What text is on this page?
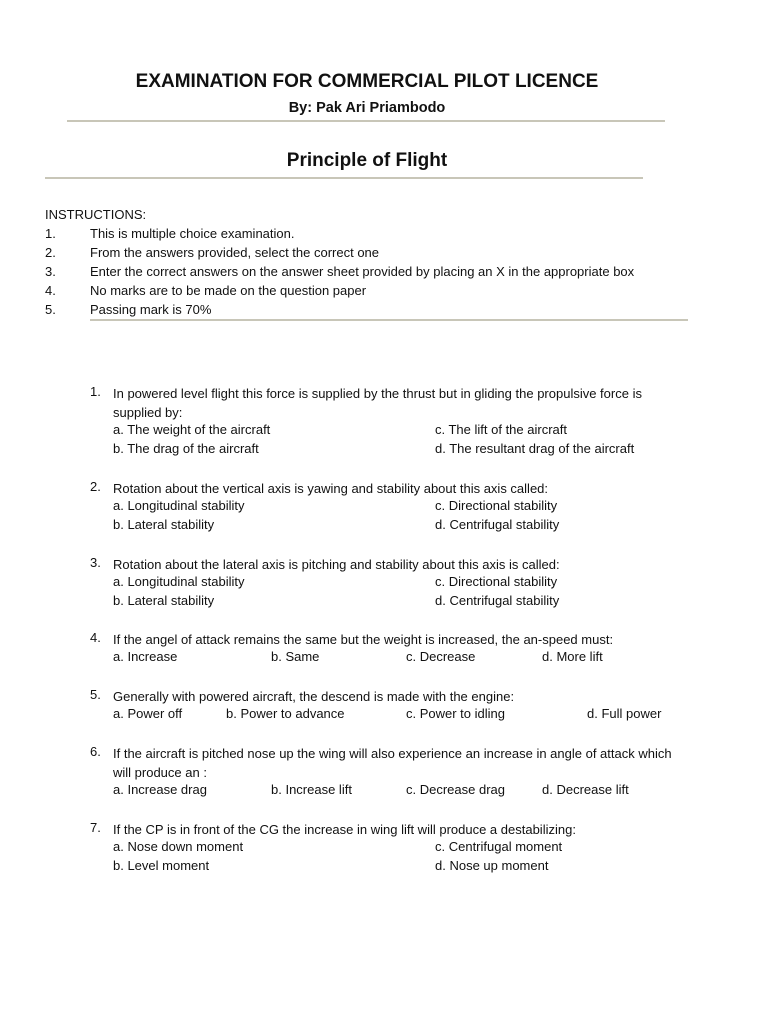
EXAMINATION FOR COMMERCIAL PILOT LICENCE
By: Pak Ari Priambodo
Principle of Flight
INSTRUCTIONS:
1.	This is multiple choice examination.
2.	From the answers provided, select the correct one
3.	Enter the correct answers on the answer sheet provided by placing an X in the appropriate box
4.	No marks are to be made on the question paper
5.	Passing mark is 70%
1. In powered level flight this force is supplied by the thrust but in gliding the propulsive force is supplied by:
a. The weight of the aircraft
b. The drag of the aircraft
c. The lift of the aircraft
d. The resultant drag of the aircraft
2. Rotation about the vertical axis is yawing and stability about this axis called:
a. Longitudinal stability
b. Lateral stability
c. Directional stability
d. Centrifugal stability
3. Rotation about the lateral axis is pitching and stability about this axis is called:
a. Longitudinal stability
b. Lateral stability
c. Directional stability
d. Centrifugal stability
4. If the angel of attack remains the same but the weight is increased, the an-speed must:
a. Increase	b. Same	c. Decrease	d. More lift
5. Generally with powered aircraft, the descend is made with the engine:
a. Power off	b. Power to advance	c. Power to idling	d. Full power
6. If the aircraft is pitched nose up the wing will also experience an increase in angle of attack which will produce an :
a. Increase drag	b. Increase lift	c. Decrease drag	d. Decrease lift
7. If the CP is in front of the CG the increase in wing lift will produce a destabilizing:
a. Nose down moment
b. Level moment
c. Centrifugal moment
d. Nose up moment
